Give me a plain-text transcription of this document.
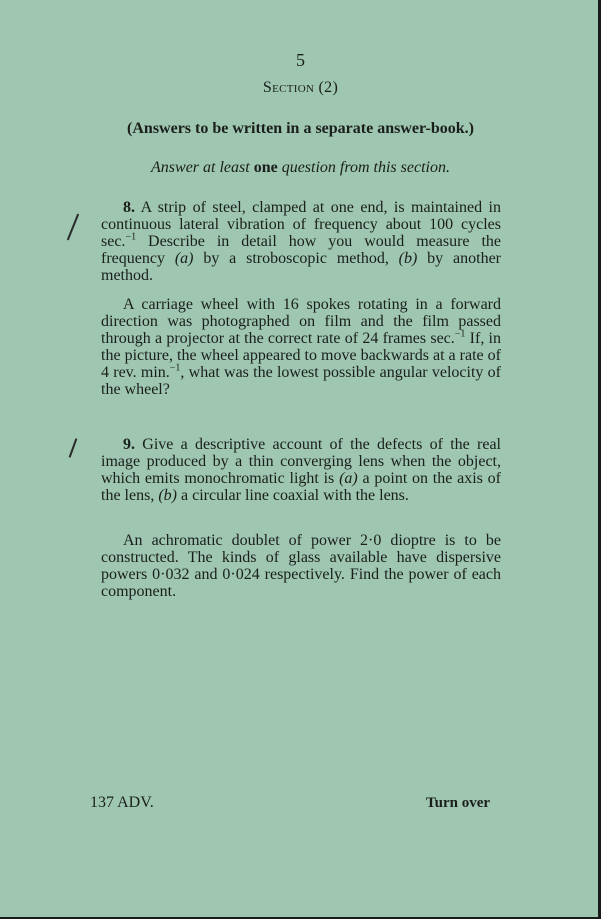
5
Section (2)
(Answers to be written in a separate answer-book.)
Answer at least one question from this section.

8. A strip of steel, clamped at one end, is maintained in continuous lateral vibration of frequency about 100 cycles sec.$^{-1}$ Describe in detail how you would measure the frequency (a) by a stroboscopic method, (b) by another method.

A carriage wheel with 16 spokes rotating in a forward direction was photographed on film and the film passed through a projector at the correct rate of 24 frames sec.$^{-1}$ If, in the picture, the wheel appeared to move backwards at a rate of 4 rev. min.$^{-1}$, what was the lowest possible angular velocity of the wheel?

9. Give a descriptive account of the defects of the real image produced by a thin converging lens when the object, which emits monochromatic light is (a) a point on the axis of the lens, (b) a circular line coaxial with the lens.

An achromatic doublet of power 2·0 dioptre is to be constructed. The kinds of glass available have dispersive powers 0·032 and 0·024 respectively. Find the power of each component.

137 ADV.	Turn over
